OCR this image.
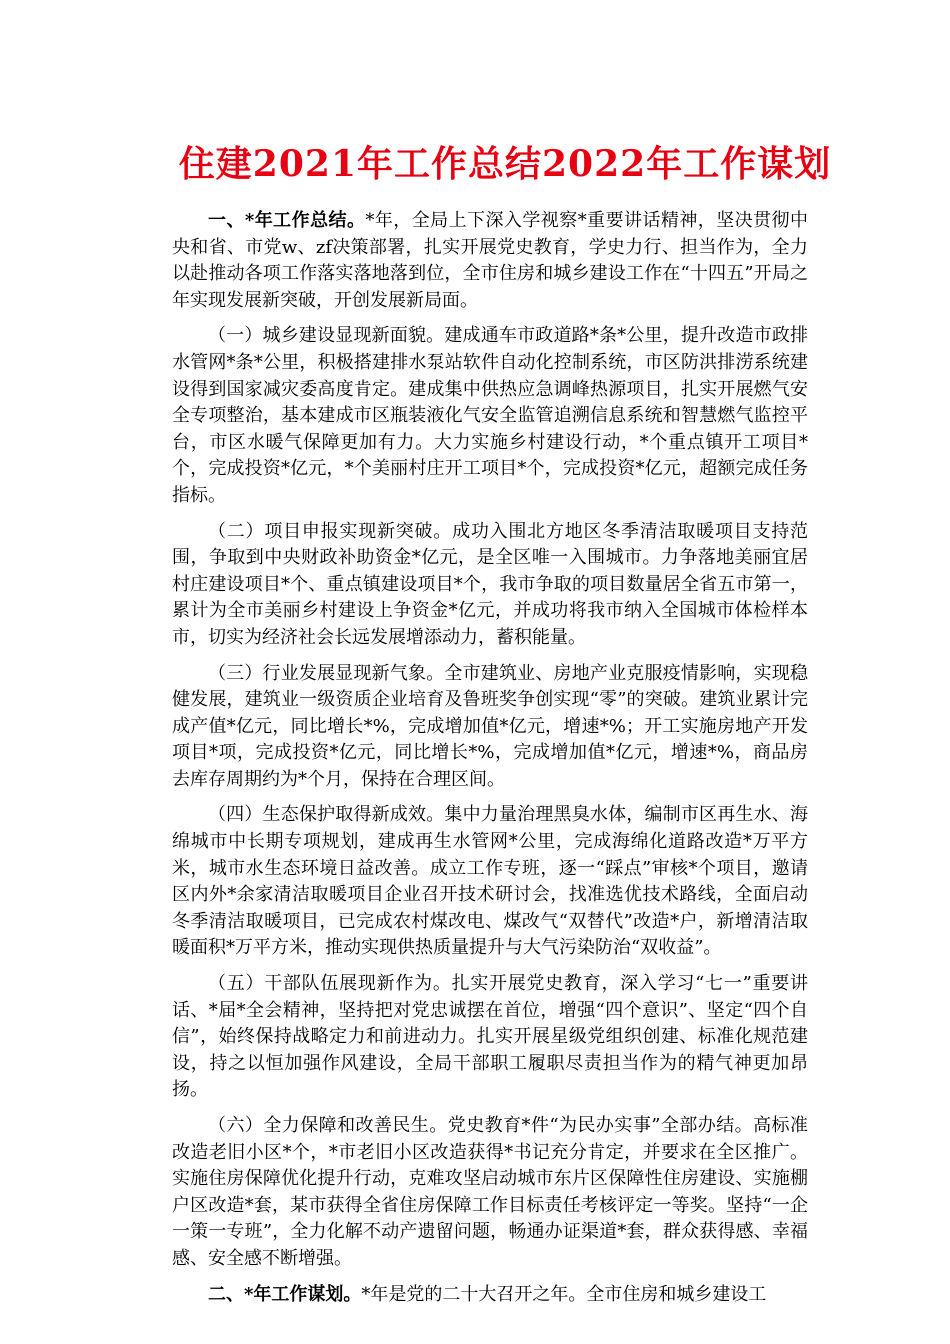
住建2021年工作总结2022年工作谋划

一、*年工作总结。*年，全局上下深入学视察*重要讲话精神，坚决贯彻中央和省、市党w、zf决策部署，扎实开展党史教育，学史力行、担当作为，全力以赴推动各项工作落实落地落到位，全市住房和城乡建设工作在“十四五”开局之年实现发展新突破，开创发展新局面。

（一）城乡建设显现新面貌。建成通车市政道路*条*公里，提升改造市政排水管网*条*公里，积极搭建排水泵站软件自动化控制系统，市区防洪排涝系统建设得到国家减灾委高度肯定。建成集中供热应急调峰热源项目，扎实开展燃气安全专项整治，基本建成市区瓶装液化气安全监管追溯信息系统和智慧燃气监控平台，市区水暖气保障更加有力。大力实施乡村建设行动，*个重点镇开工项目*个，完成投资*亿元，*个美丽村庄开工项目*个，完成投资*亿元，超额完成任务指标。

（二）项目申报实现新突破。成功入围北方地区冬季清洁取暖项目支持范围，争取到中央财政补助资金*亿元，是全区唯一入围城市。力争落地美丽宜居村庄建设项目*个、重点镇建设项目*个，我市争取的项目数量居全省五市第一，累计为全市美丽乡村建设上争资金*亿元，并成功将我市纳入全国城市体检样本市，切实为经济社会长远发展增添动力，蓄积能量。

（三）行业发展显现新气象。全市建筑业、房地产业克服疫情影响，实现稳健发展，建筑业一级资质企业培育及鲁班奖争创实现“零”的突破。建筑业累计完成产值*亿元，同比增长*%，完成增加值*亿元，增速*%；开工实施房地产开发项目*项，完成投资*亿元，同比增长*%，完成增加值*亿元，增速*%，商品房去库存周期约为*个月，保持在合理区间。

（四）生态保护取得新成效。集中力量治理黑臭水体，编制市区再生水、海绵城市中长期专项规划，建成再生水管网*公里，完成海绵化道路改造*万平方米，城市水生态环境日益改善。成立工作专班，逐一“踩点”审核*个项目，邀请区内外*余家清洁取暖项目企业召开技术研讨会，找准选优技术路线，全面启动冬季清洁取暖项目，已完成农村煤改电、煤改气“双替代”改造*户，新增清洁取暖面积*万平方米，推动实现供热质量提升与大气污染防治“双收益”。

（五）干部队伍展现新作为。扎实开展党史教育，深入学习“七一”重要讲话、*届*全会精神，坚持把对党忠诚摆在首位，增强“四个意识”、坚定“四个自信”，始终保持战略定力和前进动力。扎实开展星级党组织创建、标准化规范建设，持之以恒加强作风建设，全局干部职工履职尽责担当作为的精气神更加昂扬。

（六）全力保障和改善民生。党史教育*件“为民办实事”全部办结。高标准改造老旧小区*个，*市老旧小区改造获得*书记充分肯定，并要求在全区推广。实施住房保障优化提升行动，克难攻坚启动城市东片区保障性住房建设、实施棚户区改造*套，某市获得全省住房保障工作目标责任考核评定一等奖。坚持“一企一策一专班”，全力化解不动产遗留问题，畅通办证渠道*套，群众获得感、幸福感、安全感不断增强。

二、*年工作谋划。*年是党的二十大召开之年。全市住房和城乡建设工
